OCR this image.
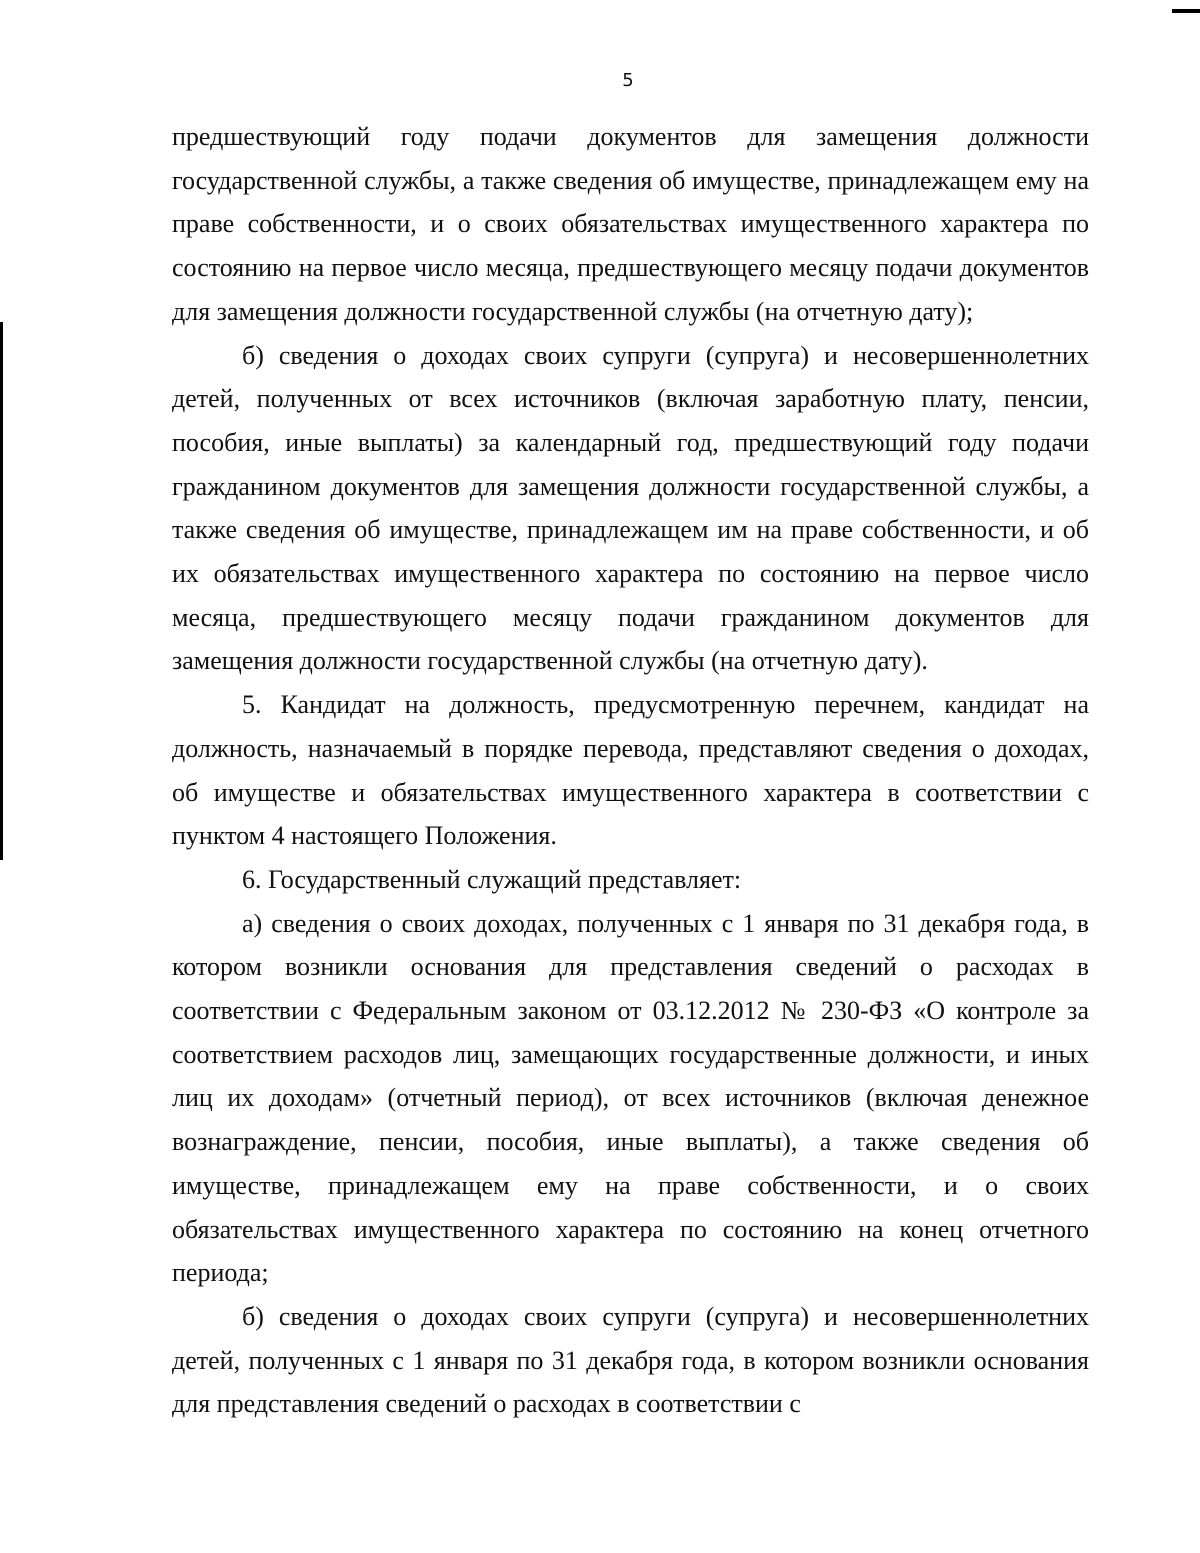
5

предшествующий году подачи документов для замещения должности государственной службы, а также сведения об имуществе, принадлежащем ему на праве собственности, и о своих обязательствах имущественного характера по состоянию на первое число месяца, предшествующего месяцу подачи документов для замещения должности государственной службы (на отчетную дату);

б) сведения о доходах своих супруги (супруга) и несовершеннолетних детей, полученных от всех источников (включая заработную плату, пенсии, пособия, иные выплаты) за календарный год, предшествующий году подачи гражданином документов для замещения должности государственной службы, а также сведения об имуществе, принадлежащем им на праве собственности, и об их обязательствах имущественного характера по состоянию на первое число месяца, предшествующего месяцу подачи гражданином документов для замещения должности государственной службы (на отчетную дату).

5. Кандидат на должность, предусмотренную перечнем, кандидат на должность, назначаемый в порядке перевода, представляют сведения о доходах, об имуществе и обязательствах имущественного характера в соответствии с пунктом 4 настоящего Положения.

6. Государственный служащий представляет:

а) сведения о своих доходах, полученных с 1 января по 31 декабря года, в котором возникли основания для представления сведений о расходах в соответствии с Федеральным законом от 03.12.2012 № 230-ФЗ «О контроле за соответствием расходов лиц, замещающих государственные должности, и иных лиц их доходам» (отчетный период), от всех источников (включая денежное вознаграждение, пенсии, пособия, иные выплаты), а также сведения об имуществе, принадлежащем ему на праве собственности, и о своих обязательствах имущественного характера по состоянию на конец отчетного периода;

б) сведения о доходах своих супруги (супруга) и несовершеннолетних детей, полученных с 1 января по 31 декабря года, в котором возникли основания для представления сведений о расходах в соответствии с
